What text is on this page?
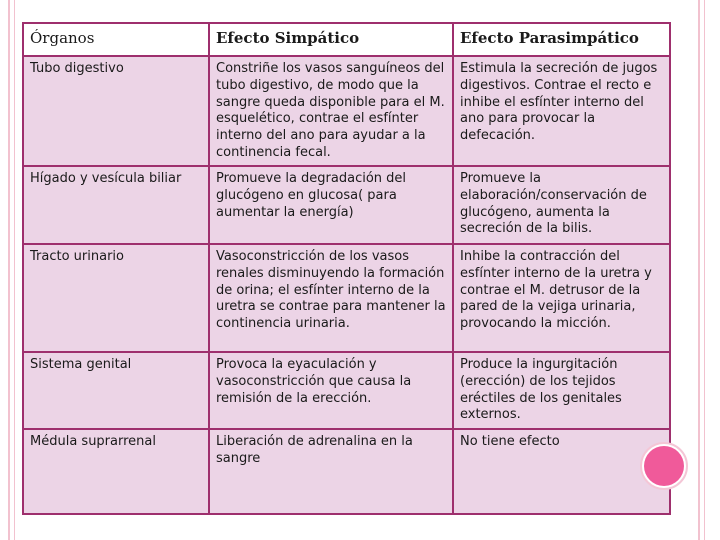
Órganos	Efecto Simpático	Efecto Parasimpático
Tubo digestivo	Constriñe los vasos sanguíneos del tubo digestivo, de modo que la sangre queda disponible para el M. esquelético, contrae el esfínter interno del ano para ayudar a la continencia fecal.	Estimula la secreción de jugos digestivos. Contrae el recto e inhibe el esfínter interno del ano para provocar la defecación.
Hígado y vesícula biliar	Promueve la degradación del glucógeno en glucosa( para aumentar la energía)	Promueve la elaboración/conservación de glucógeno, aumenta la secreción de la bilis.
Tracto urinario	Vasoconstricción de los vasos renales disminuyendo la formación de orina; el esfínter interno de la uretra se contrae para mantener la continencia urinaria.	Inhibe la contracción del esfínter interno de la uretra y contrae el M. detrusor de la pared de la vejiga urinaria, provocando la micción.
Sistema genital	Provoca la eyaculación y vasoconstricción que causa la remisión de la erección.	Produce la ingurgitación (erección) de los tejidos eréctiles de los genitales externos.
Médula suprarrenal	Liberación de adrenalina en la sangre	No tiene efecto
